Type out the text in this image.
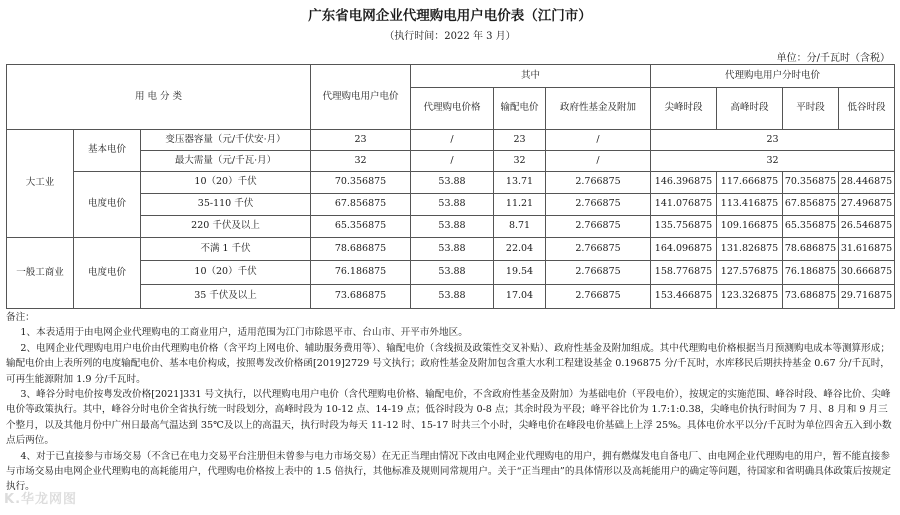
广东省电网企业代理购电用户电价表（江门市）
（执行时间：2022 年 3 月）
单位：分/千瓦时（含税）
用 电 分 类			代理购电用户电价	其中			代理购电用户分时电价			
				代理购电价格	输配电价	政府性基金及附加	尖峰时段	高峰时段	平时段	低谷时段
大工业	基本电价	变压器容量（元/千伏安·月）	23	/	23	/	23			
		最大需量（元/千瓦·月）	32	/	32	/	32			
	电度电价	10（20）千伏	70.356875	53.88	13.71	2.766875	146.396875	117.666875	70.356875	28.446875
		35-110 千伏	67.856875	53.88	11.21	2.766875	141.076875	113.416875	67.856875	27.496875
		220 千伏及以上	65.356875	53.88	8.71	2.766875	135.756875	109.166875	65.356875	26.546875
一般工商业	电度电价	不满 1 千伏	78.686875	53.88	22.04	2.766875	164.096875	131.826875	78.686875	31.616875
		10（20）千伏	76.186875	53.88	19.54	2.766875	158.776875	127.576875	76.186875	30.666875
		35 千伏及以上	73.686875	53.88	17.04	2.766875	153.466875	123.326875	73.686875	29.716875

备注：

1、本表适用于由电网企业代理购电的工商业用户，适用范围为江门市除恩平市、台山市、开平市外地区。

2、电网企业代理购电用户电价由代理购电价格（含平均上网电价、辅助服务费用等）、输配电价（含线损及政策性交叉补贴）、政府性基金及附加组成。其中代理购电价格根据当月预测购电成本等测算形成；输配电价由上表所列的电度输配电价、基本电价构成，按照粤发改价格函[2019]2729 号文执行；政府性基金及附加包含重大水利工程建设基金 0.196875 分/千瓦时，水库移民后期扶持基金 0.67 分/千瓦时，可再生能源附加 1.9 分/千瓦时。

3、峰谷分时电价按粤发改价格[2021]331 号文执行，以代理购电用户电价（含代理购电价格、输配电价，不含政府性基金及附加）为基础电价（平段电价），按规定的实施范围、峰谷时段、峰谷比价、尖峰电价等政策执行。其中，峰谷分时电价全省执行统一时段划分，高峰时段为 10-12 点、14-19 点；低谷时段为 0-8 点；其余时段为平段；峰平谷比价为 1.7:1:0.38，尖峰电价执行时间为 7 月、8 月和 9 月三个整月，以及其他月份中广州日最高气温达到 35℃及以上的高温天，执行时段为每天 11-12 时、15-17 时共三个小时，尖峰电价在峰段电价基础上上浮 25%。具体电价水平以分/千瓦时为单位四舍五入到小数点后两位。

4、对于已直接参与市场交易（不含已在电力交易平台注册但未曾参与电力市场交易）在无正当理由情况下改由电网企业代理购电的用户，拥有燃煤发电自备电厂、由电网企业代理购电的用户，暂不能直接参与市场交易由电网企业代理购电的高耗能用户，代理购电价格按上表中的 1.5 倍执行，其他标准及规则同常规用户。关于“正当理由”的具体情形以及高耗能用户的确定等问题，待国家和省明确具体政策后按规定执行。

K.华龙网图
